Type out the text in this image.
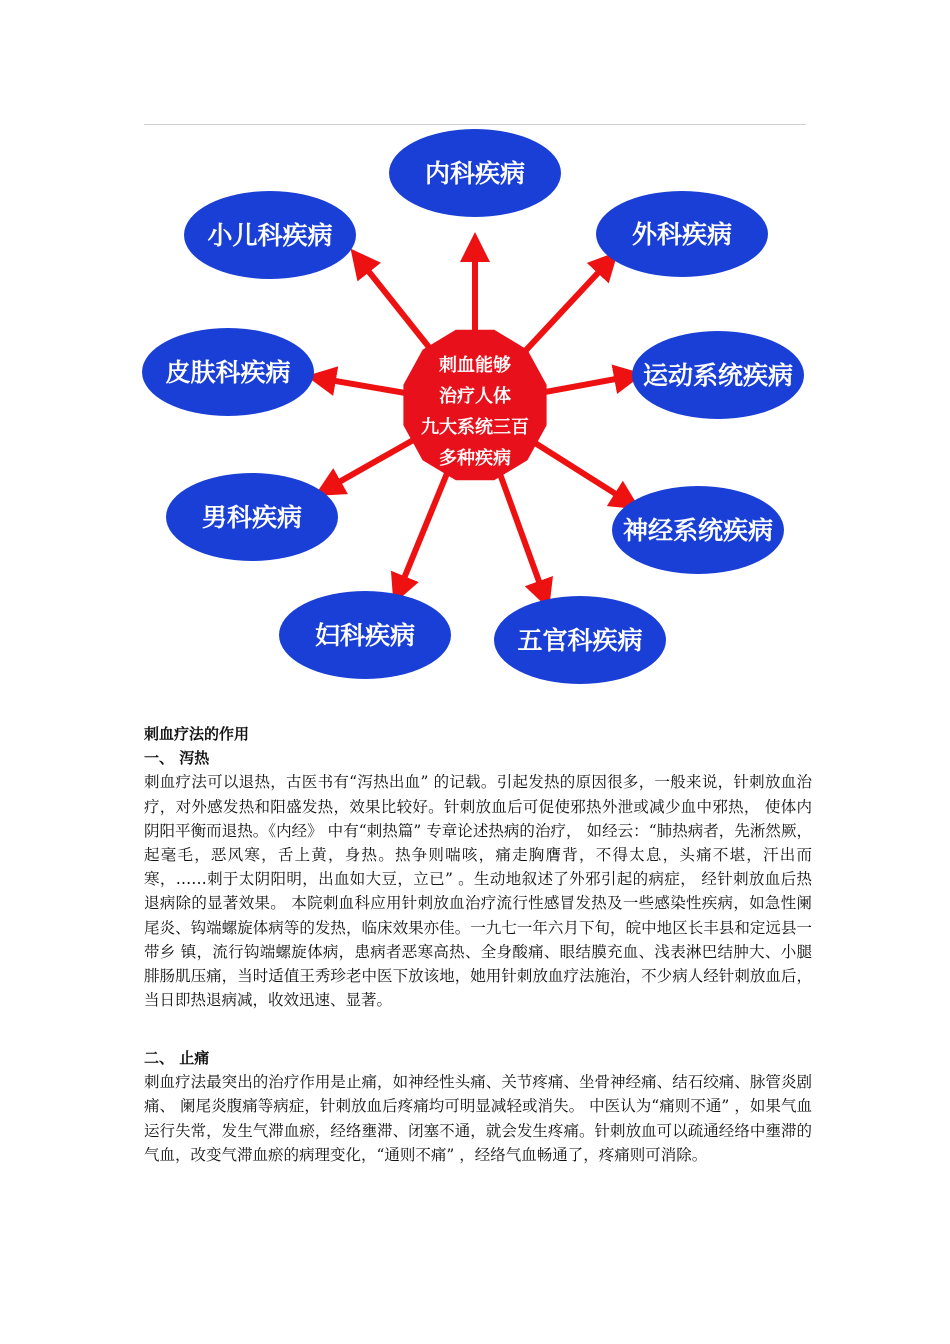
内科疾病
外科疾病
运动系统疾病
神经系统疾病
五官科疾病
妇科疾病
男科疾病
皮肤科疾病
小儿科疾病
刺血能够
治疗人体
九大系统三百
多种疾病
刺血疗法的作用
一、 泻热

刺血疗法可以退热，古医书有“泻热出血” 的记载。引起发热的原因很多，一般来说，针刺放血治疗，对外感发热和阳盛发热，效果比较好。针刺放血后可促使邪热外泄或减少血中邪热， 使体内阴阳平衡而退热。《内经》 中有“刺热篇” 专章论述热病的治疗， 如经云：“肺热病者，先淅然厥，起毫毛，恶风寒，舌上黄，身热。热争则喘咳，痛走胸膺背，不得太息，头痛不堪，汗出而寒，……刺于太阴阳明，出血如大豆，立已” 。生动地叙述了外邪引起的病症， 经针刺放血后热退病除的显著效果。 本院刺血科应用针刺放血治疗流行性感冒发热及一些感染性疾病，如急性阑尾炎、钩端螺旋体病等的发热，临床效果亦佳。一九七一年六月下旬，皖中地区长丰县和定远县一带乡 镇，流行钩端螺旋体病，患病者恶寒高热、全身酸痛、眼结膜充血、浅表淋巴结肿大、小腿腓肠肌压痛，当时适值王秀珍老中医下放该地，她用针刺放血疗法施治，不少病人经针刺放血后，当日即热退病减，收效迅速、显著。

二、 止痛

刺血疗法最突出的治疗作用是止痛，如神经性头痛、关节疼痛、坐骨神经痛、结石绞痛、脉管炎剧痛、 阑尾炎腹痛等病症，针刺放血后疼痛均可明显减轻或消失。 中医认为“痛则不通” ，如果气血运行失常，发生气滞血瘀，经络壅滞、闭塞不通，就会发生疼痛。针刺放血可以疏通经络中壅滞的气血，改变气滞血瘀的病理变化，“通则不痛” ，经络气血畅通了，疼痛则可消除。
